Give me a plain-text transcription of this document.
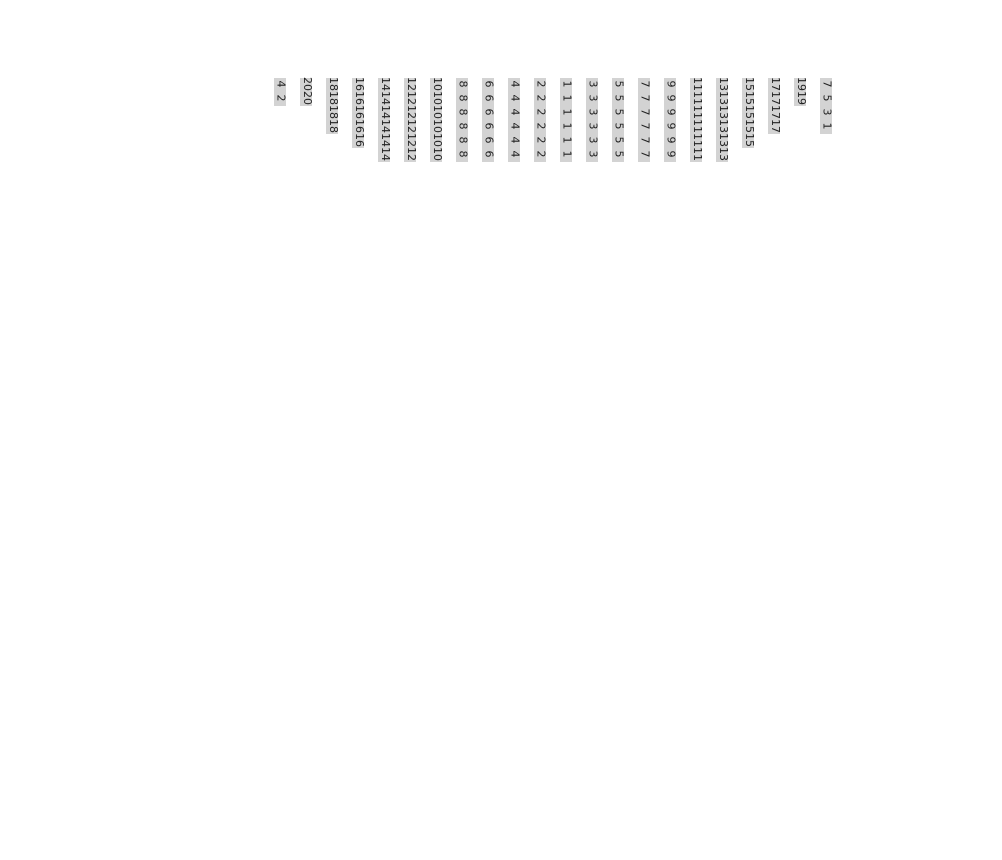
7
5
3
1
19
19
17
17
17
17
15
15
15
15
15
13
13
13
13
13
13
11
11
11
11
11
11
9
9
9
9
9
9
7
7
7
7
7
7
5
5
5
5
5
5
3
3
3
3
3
3
1
1
1
1
1
1
2
2
2
2
2
2
4
4
4
4
4
4
6
6
6
6
6
6
8
8
8
8
8
8
10
10
10
10
10
10
12
12
12
12
12
12
14
14
14
14
14
14
16
16
16
16
16
18
18
18
18
20
20
4
2
